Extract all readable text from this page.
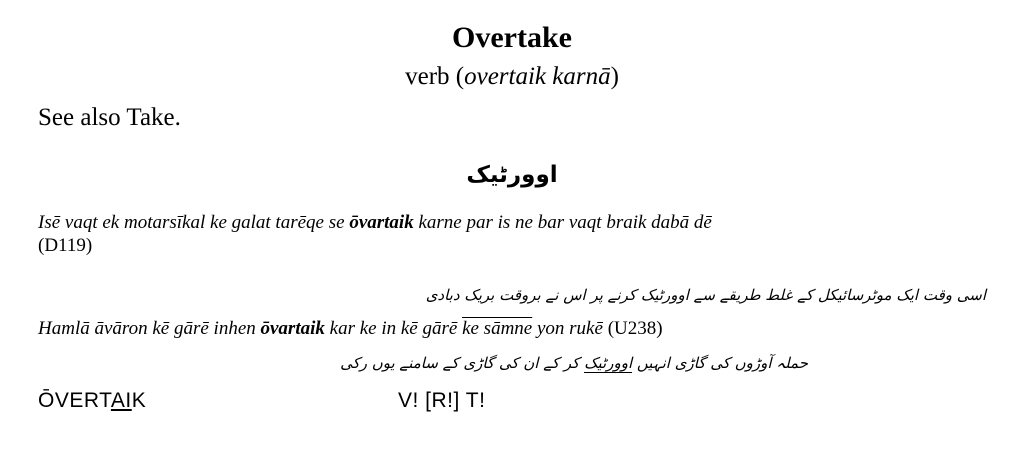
Overtake
verb (overtaik karnā)
See also Take.
اوورٹیک
Isē vaqt ek motarsīkal ke galat tarēqe se ōvartaik karne par is ne bar vaqt braik dabā dē
(D119)
اسی وقت ایک موٹرسائیکل کے غلط طریقے سے اوورٹیک کرنے پر اس نے بروقت بریک دبادی
Hamlā āvāron kē gārē inhen ōvartaik kar ke in kē gārē ke sāmne yon rukē (U238)
حملہ آوڑوں کی گاڑی انہیں اوورٹیک کر کے ان کی گاڑی کے سامنے یوں رکی
ŌVERTAIK	V! [R!] T!
